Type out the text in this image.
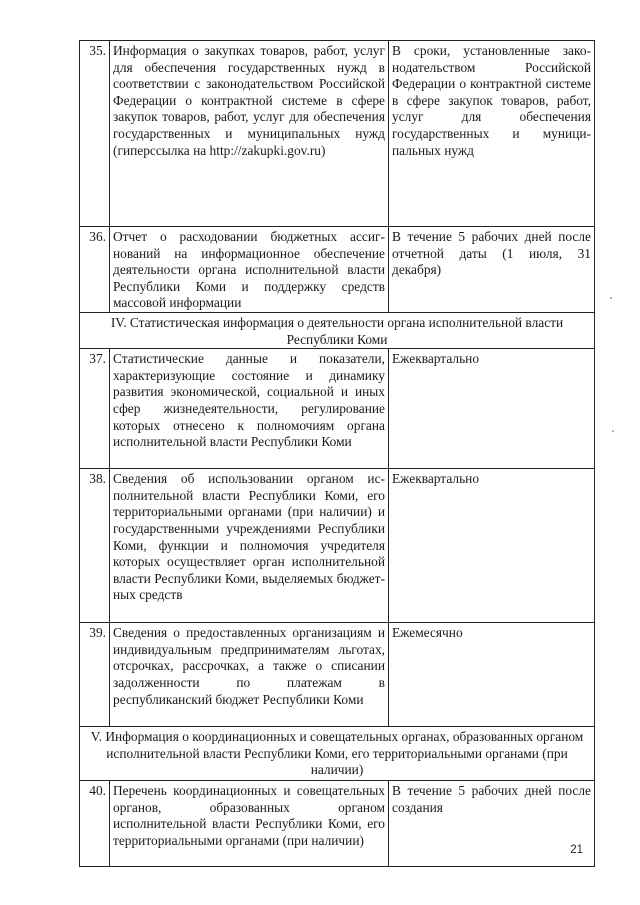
35.	Информация о закупках товаров, работ, услуг для обеспечения государственных нужд в соответствии с законодательством Российской Федерации о контрактной системе в сфере закупок товаров, работ, услуг для обеспечения государственных и муниципальных нужд (гиперссылка на http://zakupki.gov.ru)	В сроки, установленные законодательством Российской Федерации о контрактной системе в сфере закупок товаров, работ, услуг для обеспечения государственных и муниципальных нужд
36.	Отчет о расходовании бюджетных ассигнований на информационное обеспечение деятельности органа исполнительной власти Республики Коми и поддержку средств массовой информации	В течение 5 рабочих дней после отчетной даты (1 июля, 31 декабря)
IV. Статистическая информация о деятельности органа исполнительной власти Республики Коми		
37.	Статистические данные и показатели, характеризующие состояние и динамику развития экономической, социальной и иных сфер жизнедеятельности, регулирование которых отнесено к полномочиям органа исполнительной власти Республики Коми	Ежеквартально
38.	Сведения об использовании органом исполнительной власти Республики Коми, его территориальными органами (при наличии) и государственными учреждениями Республики Коми, функции и полномочия учредителя которых осуществляет орган исполнительной власти Республики Коми, выделяемых бюджетных средств	Ежеквартально
39.	Сведения о предоставленных организациям и индивидуальным предпринимателям льготах, отсрочках, рассрочках, а также о списании задолженности по платежам в республиканский бюджет Республики Коми	Ежемесячно
V. Информация о координационных и совещательных органах, образованных органом исполнительной власти Республики Коми, его территориальными органами (при наличии)		
40.	Перечень координационных и совещательных органов, образованных органом исполнительной власти Республики Коми, его территориальными органами (при наличии)	В течение 5 рабочих дней после создания
21
